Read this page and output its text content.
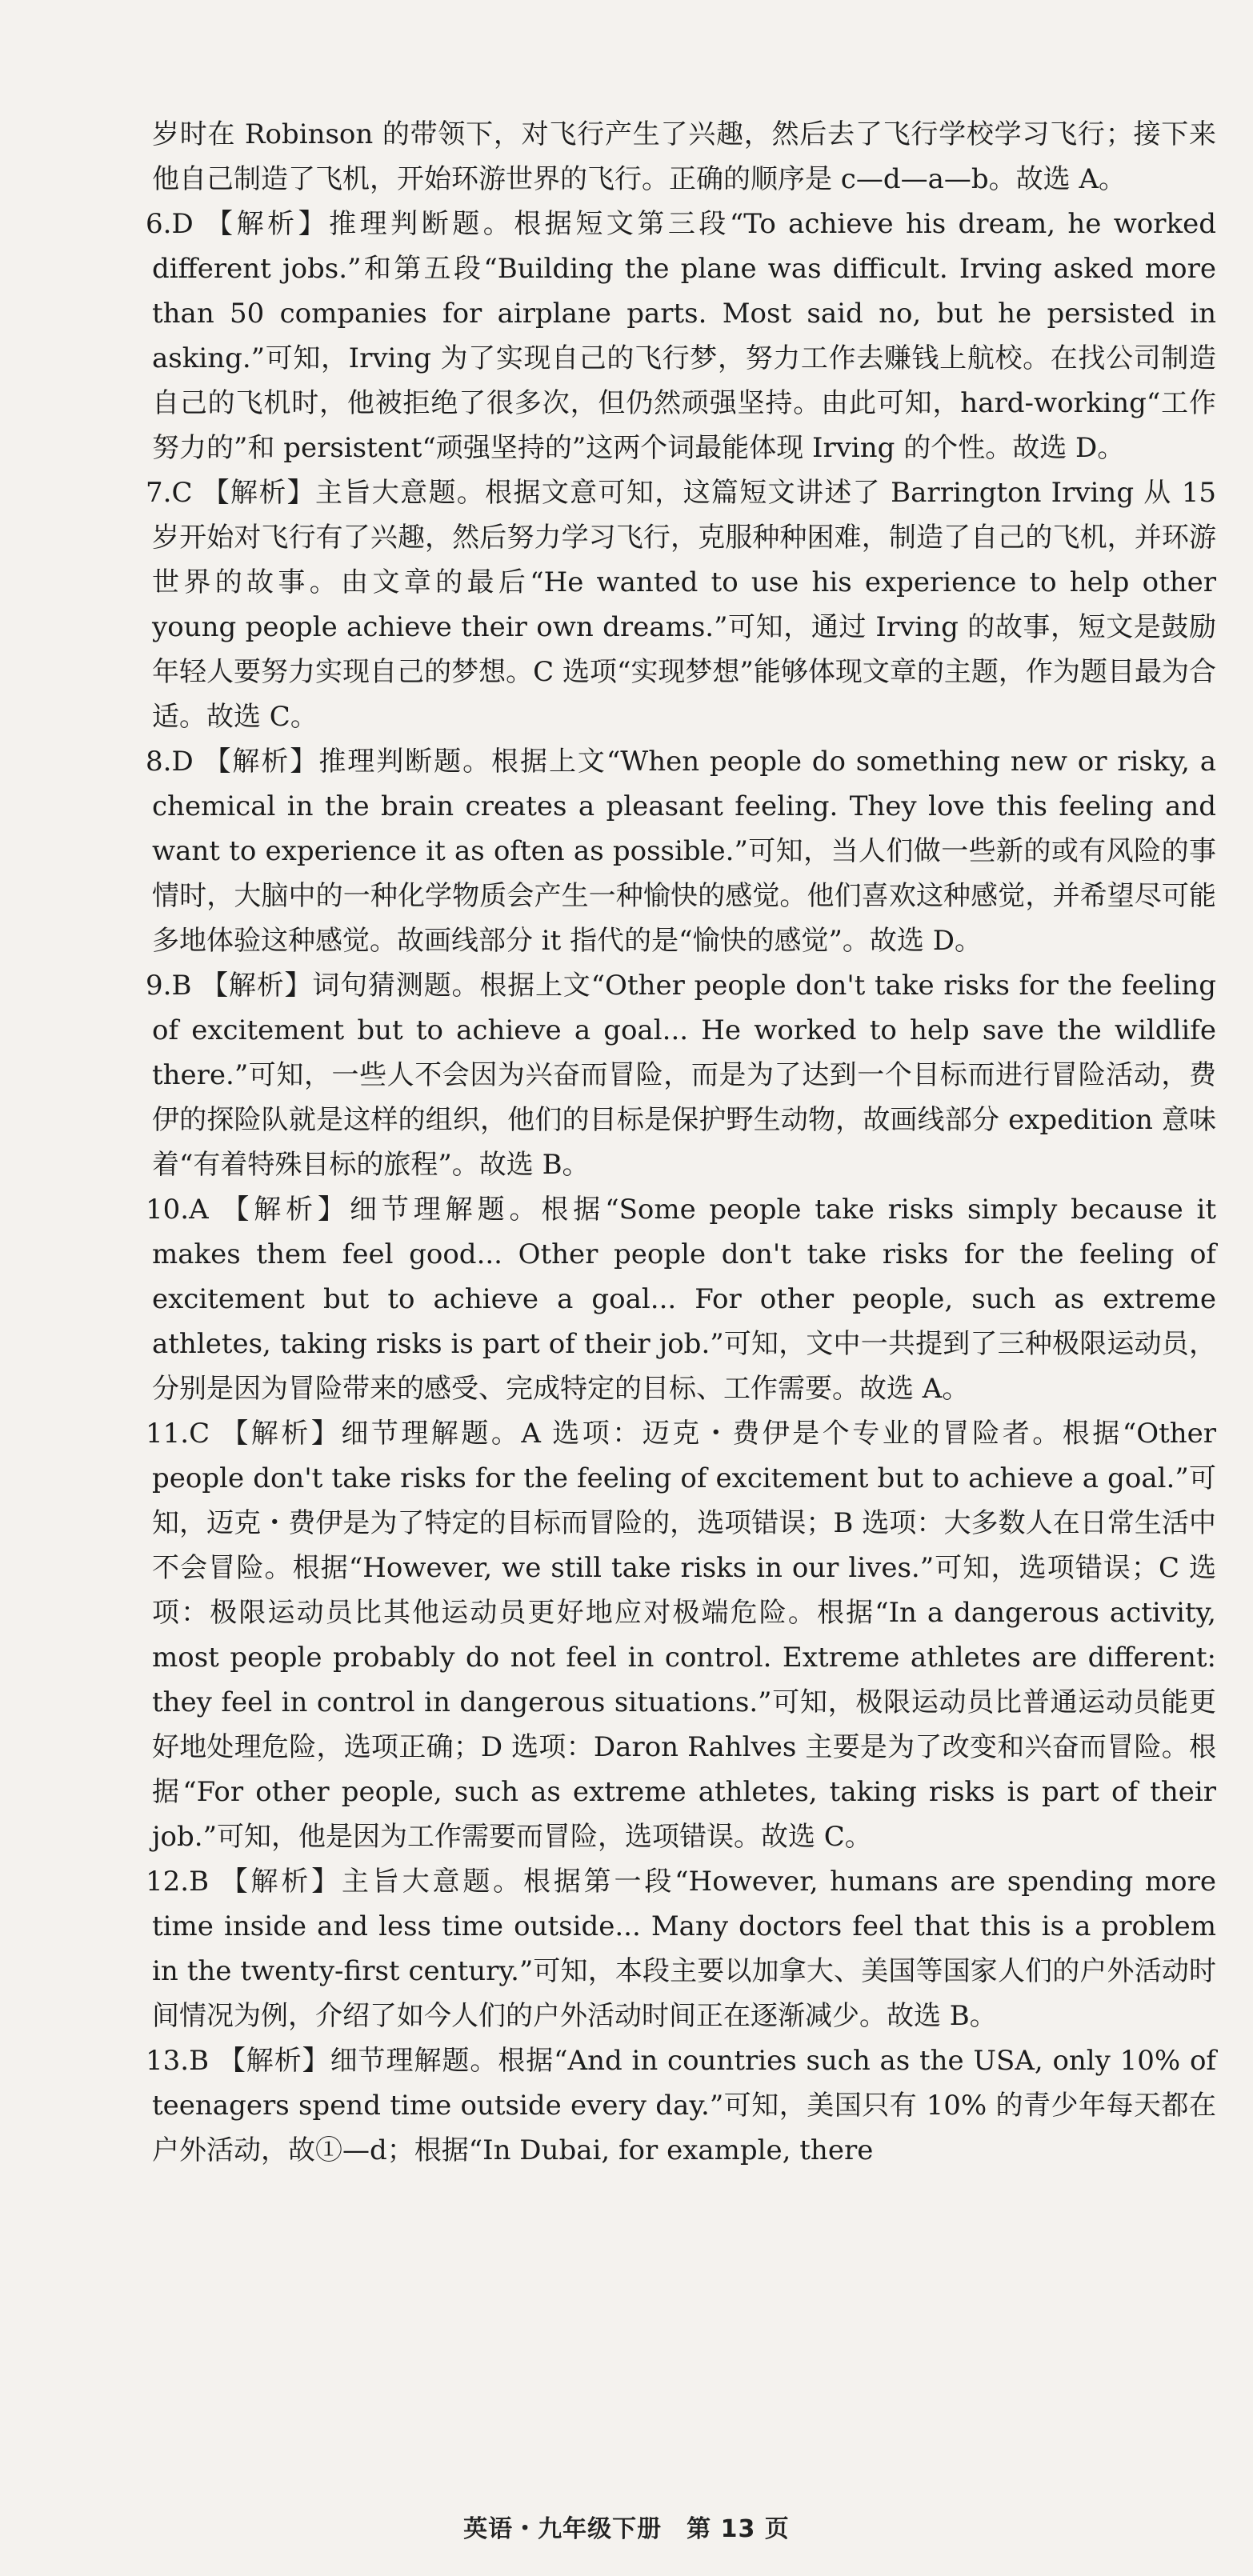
岁时在 Robinson 的带领下，对飞行产生了兴趣，然后去了飞行学校学习飞行；接下来他自己制造了飞机，开始环游世界的飞行。正确的顺序是 c—d—a—b。故选 A。

6.D 【解析】推理判断题。根据短文第三段“To achieve his dream, he worked different jobs.”和第五段“Building the plane was difficult. Irving asked more than 50 companies for airplane parts. Most said no, but he persisted in asking.”可知，Irving 为了实现自己的飞行梦，努力工作去赚钱上航校。在找公司制造自己的飞机时，他被拒绝了很多次，但仍然顽强坚持。由此可知，hard-working“工作努力的”和 persistent“顽强坚持的”这两个词最能体现 Irving 的个性。故选 D。

7.C 【解析】主旨大意题。根据文意可知，这篇短文讲述了 Barrington Irving 从 15 岁开始对飞行有了兴趣，然后努力学习飞行，克服种种困难，制造了自己的飞机，并环游世界的故事。由文章的最后“He wanted to use his experience to help other young people achieve their own dreams.”可知，通过 Irving 的故事，短文是鼓励年轻人要努力实现自己的梦想。C 选项“实现梦想”能够体现文章的主题，作为题目最为合适。故选 C。

8.D 【解析】推理判断题。根据上文“When people do something new or risky, a chemical in the brain creates a pleasant feeling. They love this feeling and want to experience it as often as possible.”可知，当人们做一些新的或有风险的事情时，大脑中的一种化学物质会产生一种愉快的感觉。他们喜欢这种感觉，并希望尽可能多地体验这种感觉。故画线部分 it 指代的是“愉快的感觉”。故选 D。

9.B 【解析】词句猜测题。根据上文“Other people don't take risks for the feeling of excitement but to achieve a goal... He worked to help save the wildlife there.”可知，一些人不会因为兴奋而冒险，而是为了达到一个目标而进行冒险活动，费伊的探险队就是这样的组织，他们的目标是保护野生动物，故画线部分 expedition 意味着“有着特殊目标的旅程”。故选 B。

10.A 【解析】细节理解题。根据“Some people take risks simply because it makes them feel good... Other people don't take risks for the feeling of excitement but to achieve a goal... For other people, such as extreme athletes, taking risks is part of their job.”可知，文中一共提到了三种极限运动员，分别是因为冒险带来的感受、完成特定的目标、工作需要。故选 A。

11.C 【解析】细节理解题。A 选项：迈克・费伊是个专业的冒险者。根据“Other people don't take risks for the feeling of excitement but to achieve a goal.”可知，迈克・费伊是为了特定的目标而冒险的，选项错误；B 选项：大多数人在日常生活中不会冒险。根据“However, we still take risks in our lives.”可知，选项错误；C 选项：极限运动员比其他运动员更好地应对极端危险。根据“In a dangerous activity, most people probably do not feel in control. Extreme athletes are different: they feel in control in dangerous situations.”可知，极限运动员比普通运动员能更好地处理危险，选项正确；D 选项：Daron Rahlves 主要是为了改变和兴奋而冒险。根据“For other people, such as extreme athletes, taking risks is part of their job.”可知，他是因为工作需要而冒险，选项错误。故选 C。

12.B 【解析】主旨大意题。根据第一段“However, humans are spending more time inside and less time outside... Many doctors feel that this is a problem in the twenty-first century.”可知，本段主要以加拿大、美国等国家人们的户外活动时间情况为例，介绍了如今人们的户外活动时间正在逐渐减少。故选 B。

13.B 【解析】细节理解题。根据“And in countries such as the USA, only 10% of teenagers spend time outside every day.”可知，美国只有 10% 的青少年每天都在户外活动，故①—d；根据“In Dubai, for example, there

英语・九年级下册　第 13 页
